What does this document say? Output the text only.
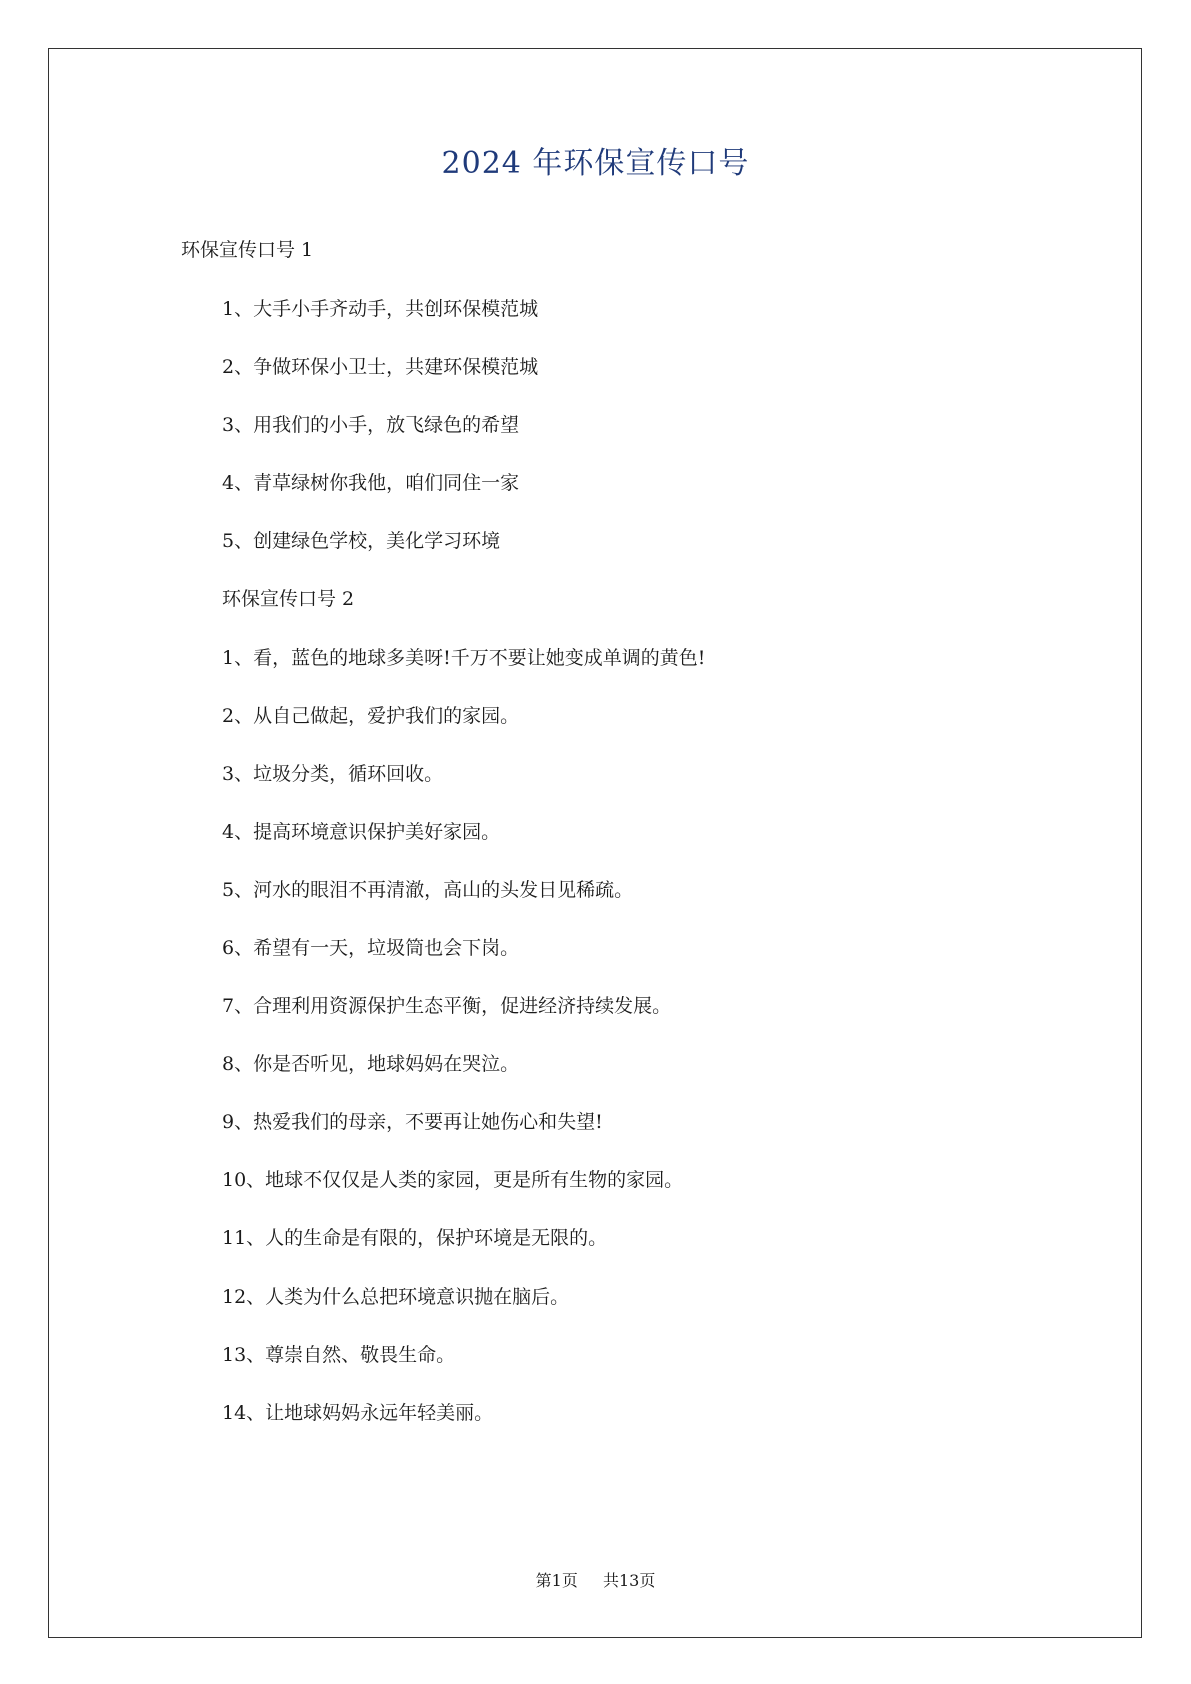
2024 年环保宣传口号
环保宣传口号 1
1、大手小手齐动手，共创环保模范城
2、争做环保小卫士，共建环保模范城
3、用我们的小手，放飞绿色的希望
4、青草绿树你我他，咱们同住一家
5、创建绿色学校，美化学习环境
环保宣传口号 2
1、看，蓝色的地球多美呀!千万不要让她变成单调的黄色!
2、从自己做起，爱护我们的家园。
3、垃圾分类，循环回收。
4、提高环境意识保护美好家园。
5、河水的眼泪不再清澈，高山的头发日见稀疏。
6、希望有一天，垃圾筒也会下岗。
7、合理利用资源保护生态平衡，促进经济持续发展。
8、你是否听见，地球妈妈在哭泣。
9、热爱我们的母亲，不要再让她伤心和失望!
10、地球不仅仅是人类的家园，更是所有生物的家园。
11、人的生命是有限的，保护环境是无限的。
12、人类为什么总把环境意识抛在脑后。
13、尊崇自然、敬畏生命。
14、让地球妈妈永远年轻美丽。
第1页 共13页
